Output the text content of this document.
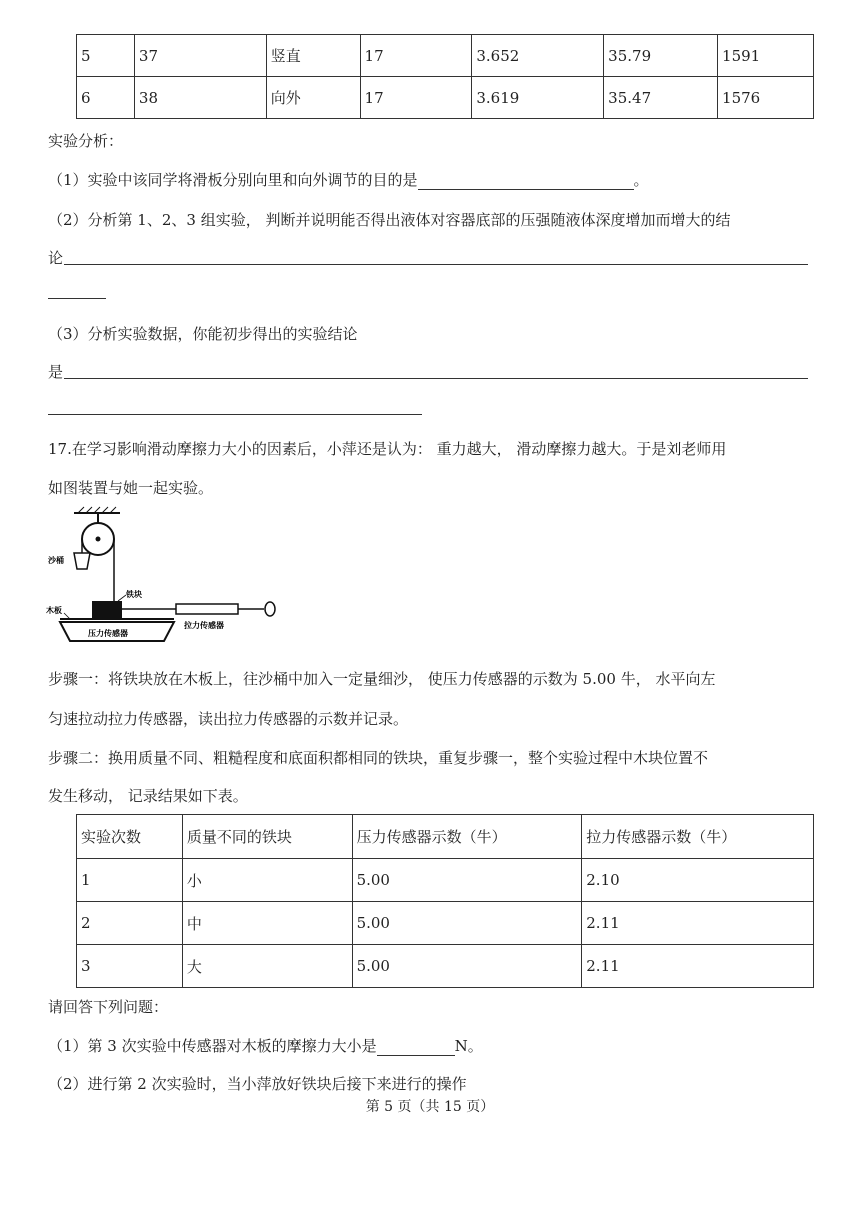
5	37	竖直	17	3.652	35.79	1591
6	38	向外	17	3.619	35.47	1576
实验分析：
（1）实验中该同学将滑板分别向里和向外调节的目的是	。
（2）分析第 1、2、3 组实验， 判断并说明能否得出液体对容器底部的压强随液体深度增加而增大的结
论
（3）分析实验数据，你能初步得出的实验结论
是
17.在学习影响滑动摩擦力大小的因素后，小萍还是认为： 重力越大， 滑动摩擦力越大。于是刘老师用
如图装置与她一起实验。
沙桶
铁块
木板
压力传感器
拉力传感器
步骤一：将铁块放在木板上，往沙桶中加入一定量细沙， 使压力传感器的示数为 5.00 牛， 水平向左
匀速拉动拉力传感器，读出拉力传感器的示数并记录。
步骤二：换用质量不同、粗糙程度和底面积都相同的铁块，重复步骤一，整个实验过程中木块位置不
发生移动， 记录结果如下表。
实验次数	质量不同的铁块	压力传感器示数（牛）	拉力传感器示数（牛）
1	小	5.00	2.10
2	中	5.00	2.11
3	大	5.00	2.11
请回答下列问题：
（1）第 3 次实验中传感器对木板的摩擦力大小是	N。
（2）进行第 2 次实验时，当小萍放好铁块后接下来进行的操作
第 5 页（共 15 页）
